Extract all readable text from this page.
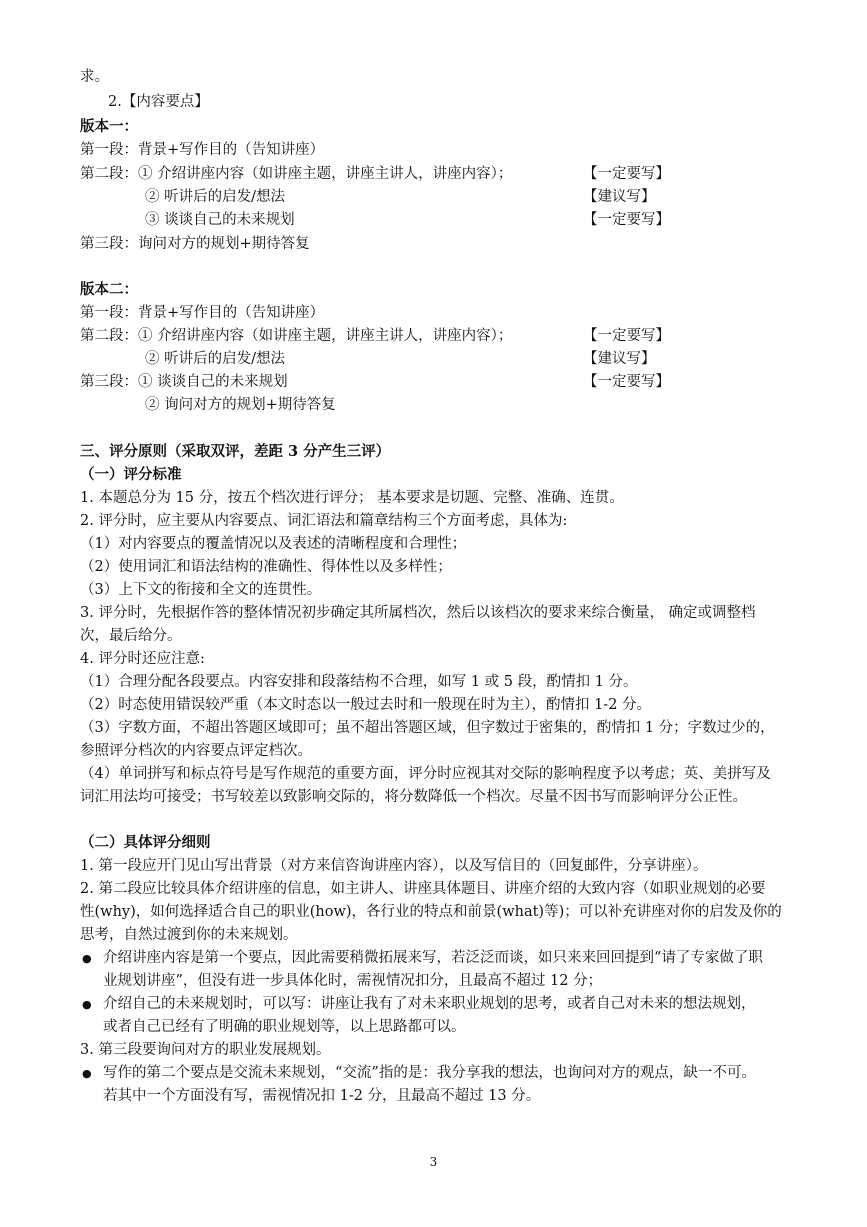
求。
2.【内容要点】
版本一：
第一段：背景+写作目的（告知讲座）
第二段：① 介绍讲座内容（如讲座主题，讲座主讲人，讲座内容）；	【一定要写】
② 听讲后的启发/想法	【建议写】
③ 谈谈自己的未来规划	【一定要写】
第三段：询问对方的规划+期待答复
版本二：
第一段：背景+写作目的（告知讲座）
第二段：① 介绍讲座内容（如讲座主题，讲座主讲人，讲座内容）；	【一定要写】
② 听讲后的启发/想法	【建议写】
第三段：① 谈谈自己的未来规划	【一定要写】
② 询问对方的规划+期待答复
三、评分原则（采取双评，差距 3 分产生三评）
（一）评分标准
1. 本题总分为 15 分，按五个档次进行评分； 基本要求是切题、完整、准确、连贯。
2. 评分时，应主要从内容要点、词汇语法和篇章结构三个方面考虑，具体为:
（1）对内容要点的覆盖情况以及表述的清晰程度和合理性；
（2）使用词汇和语法结构的准确性、得体性以及多样性；
（3）上下文的衔接和全文的连贯性。
3. 评分时，先根据作答的整体情况初步确定其所属档次，然后以该档次的要求来综合衡量， 确定或调整档
次，最后给分。
4. 评分时还应注意:
（1）合理分配各段要点。内容安排和段落结构不合理，如写 1 或 5 段，酌情扣 1 分。
（2）时态使用错误较严重（本文时态以一般过去时和一般现在时为主），酌情扣 1-2 分。
（3）字数方面，不超出答题区域即可；虽不超出答题区域，但字数过于密集的，酌情扣 1 分；字数过少的，
参照评分档次的内容要点评定档次。
（4）单词拼写和标点符号是写作规范的重要方面，评分时应视其对交际的影响程度予以考虑；英、美拼写及
词汇用法均可接受；书写较差以致影响交际的，将分数降低一个档次。尽量不因书写而影响评分公正性。
（二）具体评分细则
1. 第一段应开门见山写出背景（对方来信咨询讲座内容），以及写信目的（回复邮件，分享讲座）。
2. 第二段应比较具体介绍讲座的信息，如主讲人、讲座具体题目、讲座介绍的大致内容（如职业规划的必要
性(why)，如何选择适合自己的职业(how)，各行业的特点和前景(what)等)；可以补充讲座对你的启发及你的
思考，自然过渡到你的未来规划。
● 介绍讲座内容是第一个要点，因此需要稍微拓展来写，若泛泛而谈，如只来来回回提到“请了专家做了职
业规划讲座”，但没有进一步具体化时，需视情况扣分，且最高不超过 12 分；
● 介绍自己的未来规划时，可以写：讲座让我有了对未来职业规划的思考，或者自己对未来的想法规划，
或者自己已经有了明确的职业规划等，以上思路都可以。
3. 第三段要询问对方的职业发展规划。
● 写作的第二个要点是交流未来规划，“交流”指的是：我分享我的想法，也询问对方的观点，缺一不可。
若其中一个方面没有写，需视情况扣 1-2 分，且最高不超过 13 分。
3
